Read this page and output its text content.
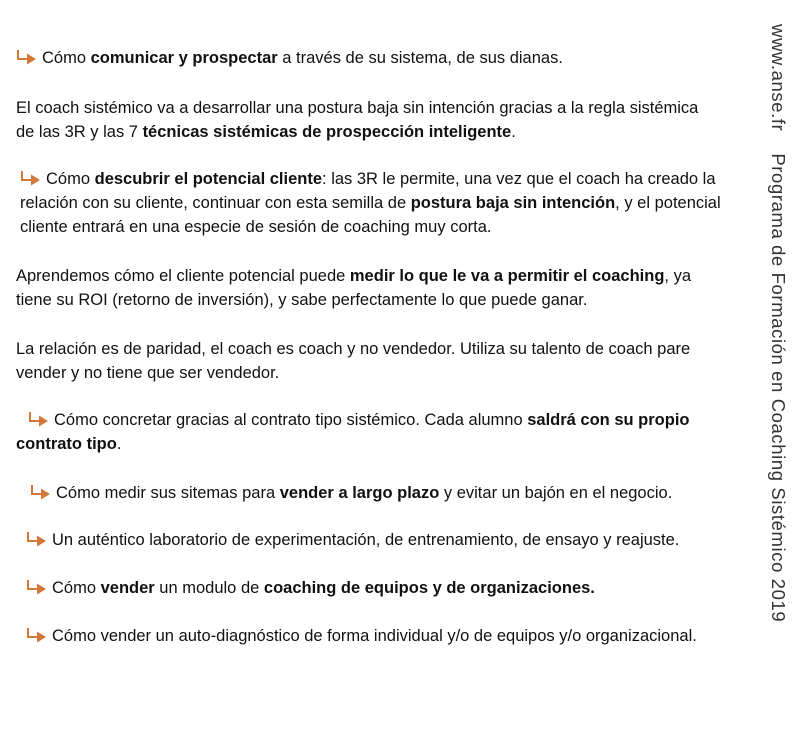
Cómo comunicar y prospectar a través de su sistema, de sus dianas.
El coach sistémico va a desarrollar una postura baja sin intención gracias a la regla sistémica
de las 3R y las 7 técnicas sistémicas de prospección inteligente.
Cómo descubrir el potencial cliente: las 3R le permite, una vez que el coach ha creado la
relación con su cliente, continuar con esta semilla de postura baja sin intención, y el potencial
cliente entrará en una especie de sesión de coaching muy corta.
Aprendemos cómo el cliente potencial puede medir lo que le va a permitir el coaching, ya
tiene su ROI (retorno de inversión), y sabe perfectamente lo que puede ganar.
La relación es de paridad, el coach es coach y no vendedor. Utiliza su talento de coach pare
vender y no tiene que ser vendedor.
Cómo concretar gracias al contrato tipo sistémico. Cada alumno saldrá con su propio
contrato tipo.
Cómo medir sus sitemas para vender a largo plazo y evitar un bajón en el negocio.
Un auténtico laboratorio de experimentación, de entrenamiento, de ensayo y reajuste.
Cómo vender un modulo de coaching de equipos y de organizaciones.
Cómo vender un auto-diagnóstico de forma individual y/o de equipos y/o organizacional.
www.anse.frPrograma de Formación en Coaching Sistémico 2019
